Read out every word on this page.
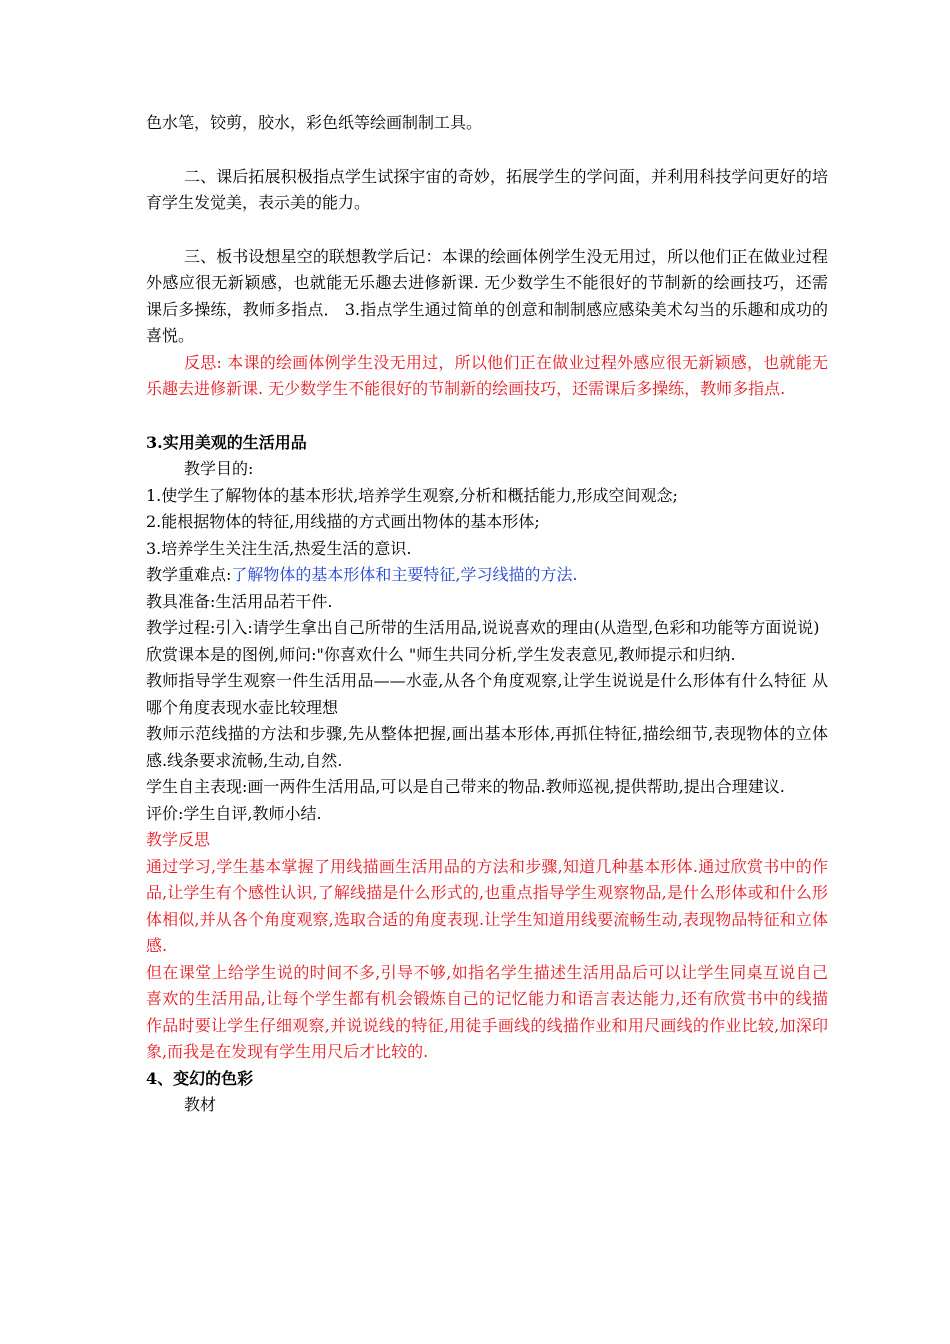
色水笔，铰剪，胶水，彩色纸等绘画制制工具。

二、课后拓展积极指点学生试探宇宙的奇妙，拓展学生的学问面，并利用科技学问更好的培育学生发觉美，表示美的能力。

三、板书设想星空的联想教学后记：本课的绘画体例学生没无用过，所以他们正在做业过程外感应很无新颖感，也就能无乐趣去进修新课. 无少数学生不能很好的节制新的绘画技巧，还需课后多操练，教师多指点． 3.指点学生通过简单的创意和制制感应感染美术勾当的乐趣和成功的喜悦。

反思: 本课的绘画体例学生没无用过，所以他们正在做业过程外感应很无新颖感，也就能无乐趣去进修新课. 无少数学生不能很好的节制新的绘画技巧，还需课后多操练，教师多指点.

3.实用美观的生活用品

教学目的:

1.使学生了解物体的基本形状,培养学生观察,分析和概括能力,形成空间观念;

2.能根据物体的特征,用线描的方式画出物体的基本形体;

3.培养学生关注生活,热爱生活的意识.

教学重难点:了解物体的基本形体和主要特征,学习线描的方法.

教具准备:生活用品若干件.

教学过程:引入:请学生拿出自己所带的生活用品,说说喜欢的理由(从造型,色彩和功能等方面说说)

欣赏课本是的图例,师问:"你喜欢什么 "师生共同分析,学生发表意见,教师提示和归纳.

教师指导学生观察一件生活用品——水壶,从各个角度观察,让学生说说是什么形体有什么特征 从哪个角度表现水壶比较理想

教师示范线描的方法和步骤,先从整体把握,画出基本形体,再抓住特征,描绘细节,表现物体的立体感.线条要求流畅,生动,自然.

学生自主表现:画一两件生活用品,可以是自己带来的物品.教师巡视,提供帮助,提出合理建议.

评价:学生自评,教师小结.

教学反思

通过学习,学生基本掌握了用线描画生活用品的方法和步骤,知道几种基本形体.通过欣赏书中的作品,让学生有个感性认识,了解线描是什么形式的,也重点指导学生观察物品,是什么形体或和什么形体相似,并从各个角度观察,选取合适的角度表现.让学生知道用线要流畅生动,表现物品特征和立体感.

但在课堂上给学生说的时间不多,引导不够,如指名学生描述生活用品后可以让学生同桌互说自己喜欢的生活用品,让每个学生都有机会锻炼自己的记忆能力和语言表达能力,还有欣赏书中的线描作品时要让学生仔细观察,并说说线的特征,用徒手画线的线描作业和用尺画线的作业比较,加深印象,而我是在发现有学生用尺后才比较的.

4、变幻的色彩

教材
